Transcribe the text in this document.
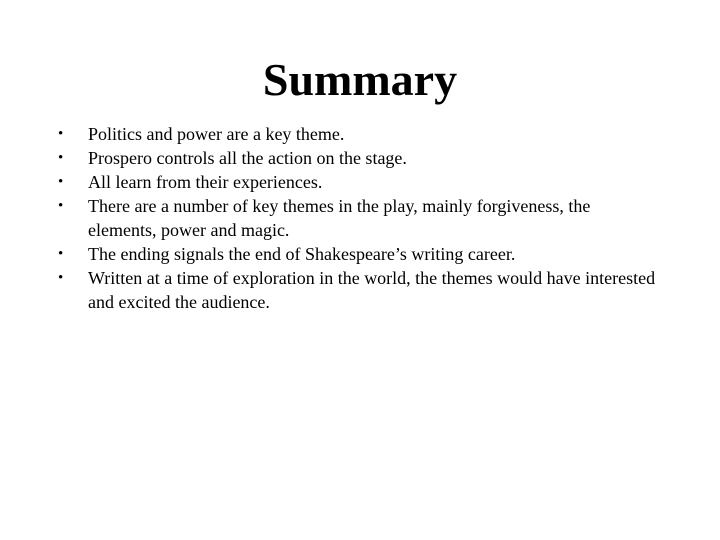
Summary
•	Politics and power are a key theme.
•	Prospero controls all the action on the stage.
•	All learn from their experiences.
•	There are a number of key themes in the play, mainly forgiveness, the elements, power and magic.
•	The ending signals the end of Shakespeare’s writing career.
•	Written at a time of exploration in the world, the themes would have interested and excited the audience.
